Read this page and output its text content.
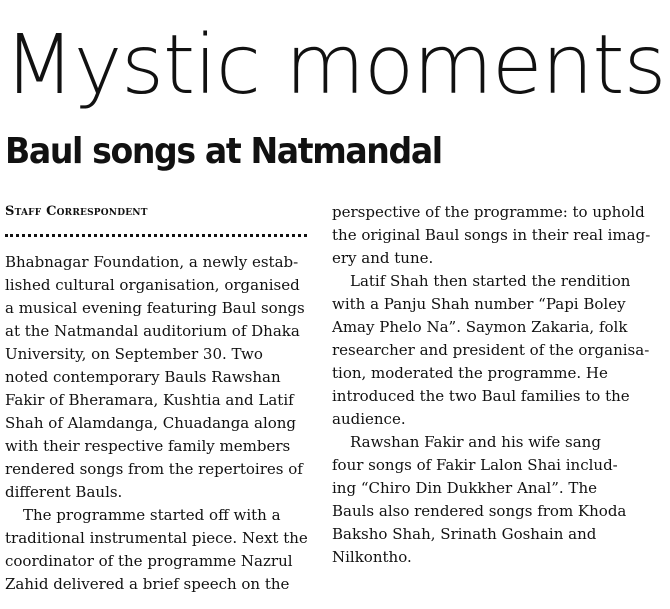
Mystic moments
Baul songs at Natmandal
Staff Correspondent
Bhabnagar Foundation, a newly estab-
lished cultural organisation, organised
a musical evening featuring Baul songs
at the Natmandal auditorium of Dhaka
University, on September 30. Two
noted contemporary Bauls Rawshan
Fakir of Bheramara, Kushtia and Latif
Shah of Alamdanga, Chuadanga along
with their respective family members
rendered songs from the repertoires of
different Bauls.
The programme started off with a
traditional instrumental piece. Next the
coordinator of the programme Nazrul
Zahid delivered a brief speech on the
perspective of the programme: to uphold
the original Baul songs in their real imag-
ery and tune.
Latif Shah then started the rendition
with a Panju Shah number “Papi Boley
Amay Phelo Na”. Saymon Zakaria, folk
researcher and president of the organisa-
tion, moderated the programme. He
introduced the two Baul families to the
audience.
Rawshan Fakir and his wife sang
four songs of Fakir Lalon Shai includ-
ing “Chiro Din Dukkher Anal”. The
Bauls also rendered songs from Khoda
Baksho Shah, Srinath Goshain and
Nilkontho.
